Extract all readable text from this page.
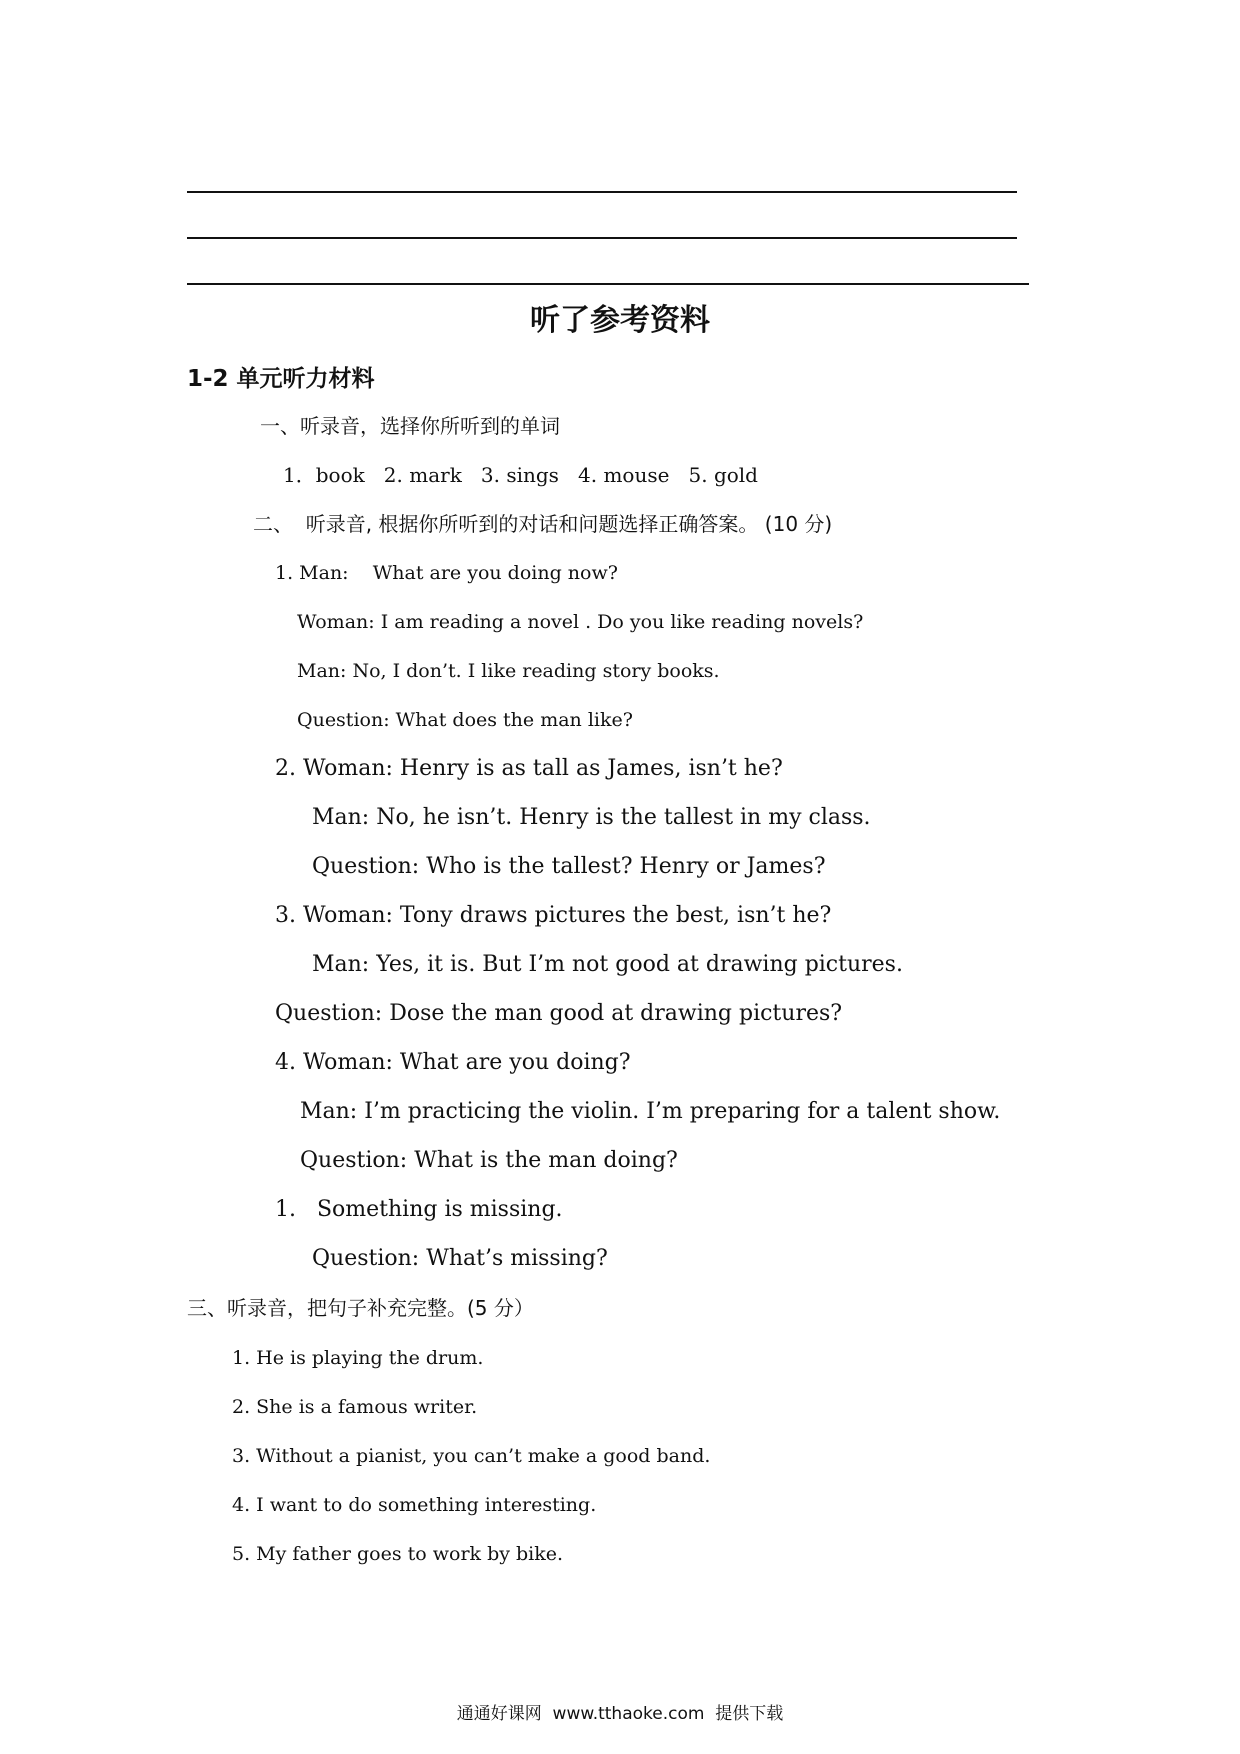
听了参考资料
1-2 单元听力材料
一、听录音，选择你所听到的单词
1．book   2. mark   3. sings   4. mouse   5. gold
二、  听录音, 根据你所听到的对话和问题选择正确答案。 (10 分)
1. Man:    What are you doing now?
Woman: I am reading a novel . Do you like reading novels?
Man: No, I don’t. I like reading story books.
Question: What does the man like?
2. Woman: Henry is as tall as James, isn’t he?
Man: No, he isn’t. Henry is the tallest in my class.
Question: Who is the tallest? Henry or James?
3. Woman: Tony draws pictures the best, isn’t he?
Man: Yes, it is. But I’m not good at drawing pictures.
Question: Dose the man good at drawing pictures?
4. Woman: What are you doing?
Man: I’m practicing the violin. I’m preparing for a talent show.
Question: What is the man doing?
1.   Something is missing.
Question: What’s missing?
三、听录音，把句子补充完整。(5 分）
1. He is playing the drum.
2. She is a famous writer.
3. Without a pianist, you can’t make a good band.
4. I want to do something interesting.
5. My father goes to work by bike.
通通好课网  www.tthaoke.com  提供下载
